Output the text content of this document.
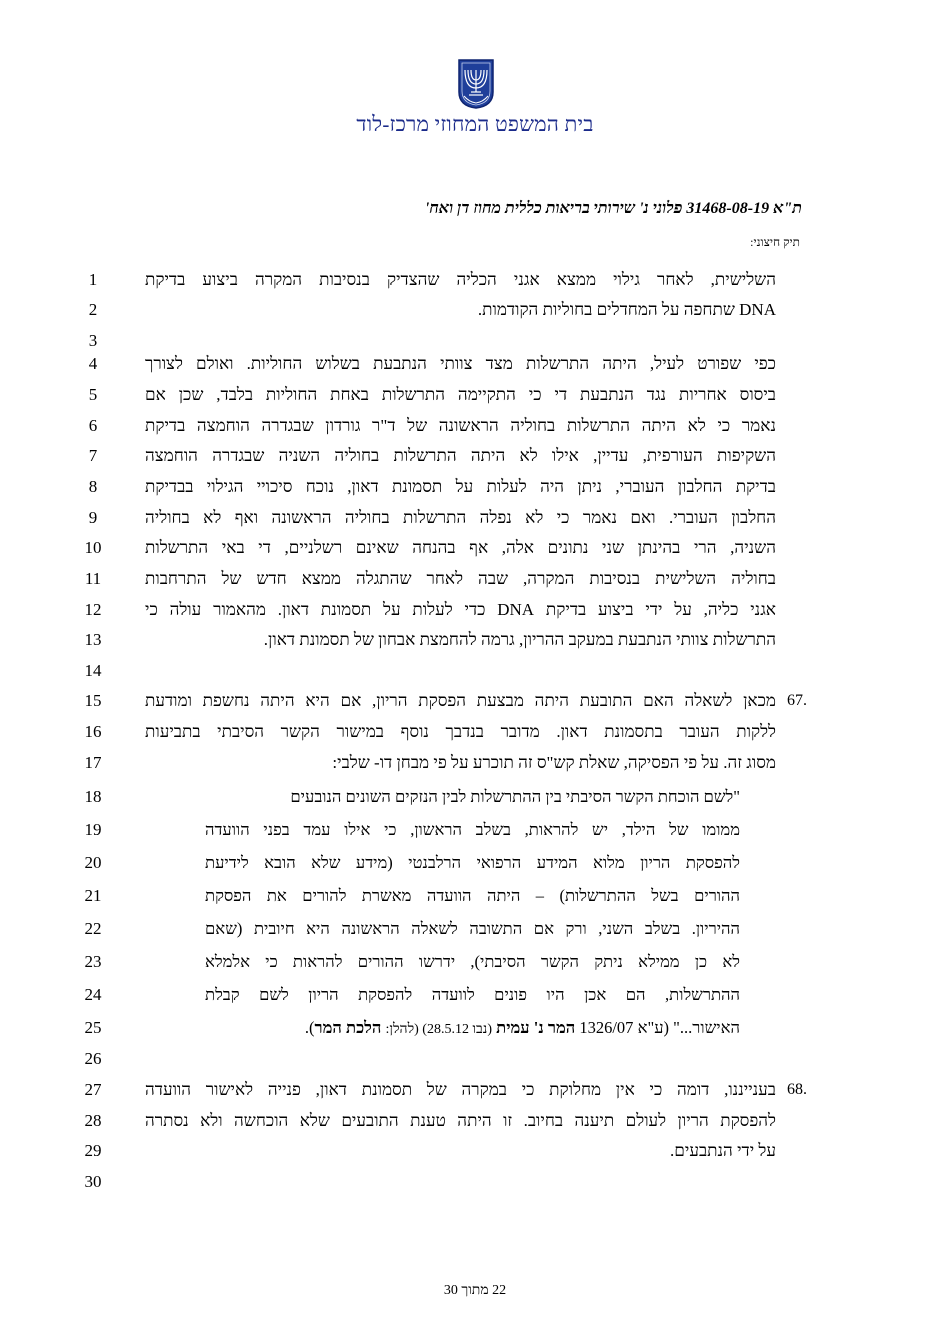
בית המשפט המחוזי מרכז-לוד
ת"א 31468-08-19 פלוני נ' שירותי בריאות כללית מחוז דן ואח'
תיק חיצוני:
1
2
3
4
5
6
7
8
9
10
11
12
13
14
15
16
17
18
19
20
21
22
23
24
25
26
27
28
29
30
השלישית, לאחר גילוי ממצא אגני הכליה שהצדיק בנסיבות המקרה ביצוע בדיקת
DNA שתחפה על המחדלים בחוליות הקודמות.
כפי שפורט לעיל, היתה התרשלות מצד צוותי הנתבעת בשלוש החוליות. ואולם לצורך
ביסוס אחריות נגד הנתבעת די כי התקיימה התרשלות באחת החוליות בלבד, שכן אם
נאמר כי לא היתה התרשלות בחוליה הראשונה של ד"ר גורדון שבגדרה הוחמצה בדיקת
השקיפות העורפית, עדיין, אילו לא היתה התרשלות בחוליה השניה שבגדרה הוחמצה
בדיקת החלבון העוברי, ניתן היה לעלות על תסמונת דאון, נוכח סיכויי הגילוי בבדיקת
החלבון העוברי. ואם נאמר כי לא נפלה התרשלות בחוליה הראשונה ואף לא בחוליה
השניה, הרי בהינתן שני נתונים אלה, אף בהנחה שאינם רשלניים, די באי התרשלות
בחוליה השלישית בנסיבות המקרה, שבה לאחר שהתגלה ממצא חדש של התרחבות
אגני כליה, על ידי ביצוע בדיקת DNA כדי לעלות על תסמונת דאון. מהאמור עולה כי
התרשלות צוותי הנתבעת במעקב ההריון, גרמה להחמצת אבחון של תסמונת דאון.
67.
מכאן לשאלה האם התובעת היתה מבצעת הפסקת הריון, אם היא היתה נחשפת ומודעת
ללקות העובר בתסמונת דאון. מדובר בנדבך נוסף במישור הקשר הסיבתי בתביעות
מסוג זה. על פי הפסיקה, שאלת קש"ס זה תוכרע על פי מבחן דו- שלבי:
"לשם הוכחת הקשר הסיבתי בין ההתרשלות לבין הנזקים השונים הנובעים
ממומו של הילד, יש להראות, בשלב הראשון, כי אילו עמד בפני הוועדה
להפסקת הריון מלוא המידע הרפואי הרלבנטי (מידע שלא הובא לידיעת
ההורים בשל ההתרשלות) – היתה הוועדה מאשרת להורים את הפסקת
ההיריון. בשלב השני, ורק אם התשובה לשאלה הראשונה היא חיובית (שאם
לא כן ממילא ניתק הקשר הסיבתי), ידרשו ההורים להראות כי אלמלא
ההתרשלות, הם אכן היו פונים לוועדה להפסקת הריון לשם קבלת
האישור..." (ע"א 1326/07 המר נ' עמית (נבו 28.5.12) (להלן: הלכת המר).
68.
בענייננו, דומה כי אין מחלוקת כי במקרה של תסמונת דאון, פנייה לאישור הוועדה
להפסקת הריון לעולם תיענה בחיוב. זו היתה טענת התובעים שלא הוכחשה ולא נסתרה
על ידי הנתבעים.
22 מתוך 30
